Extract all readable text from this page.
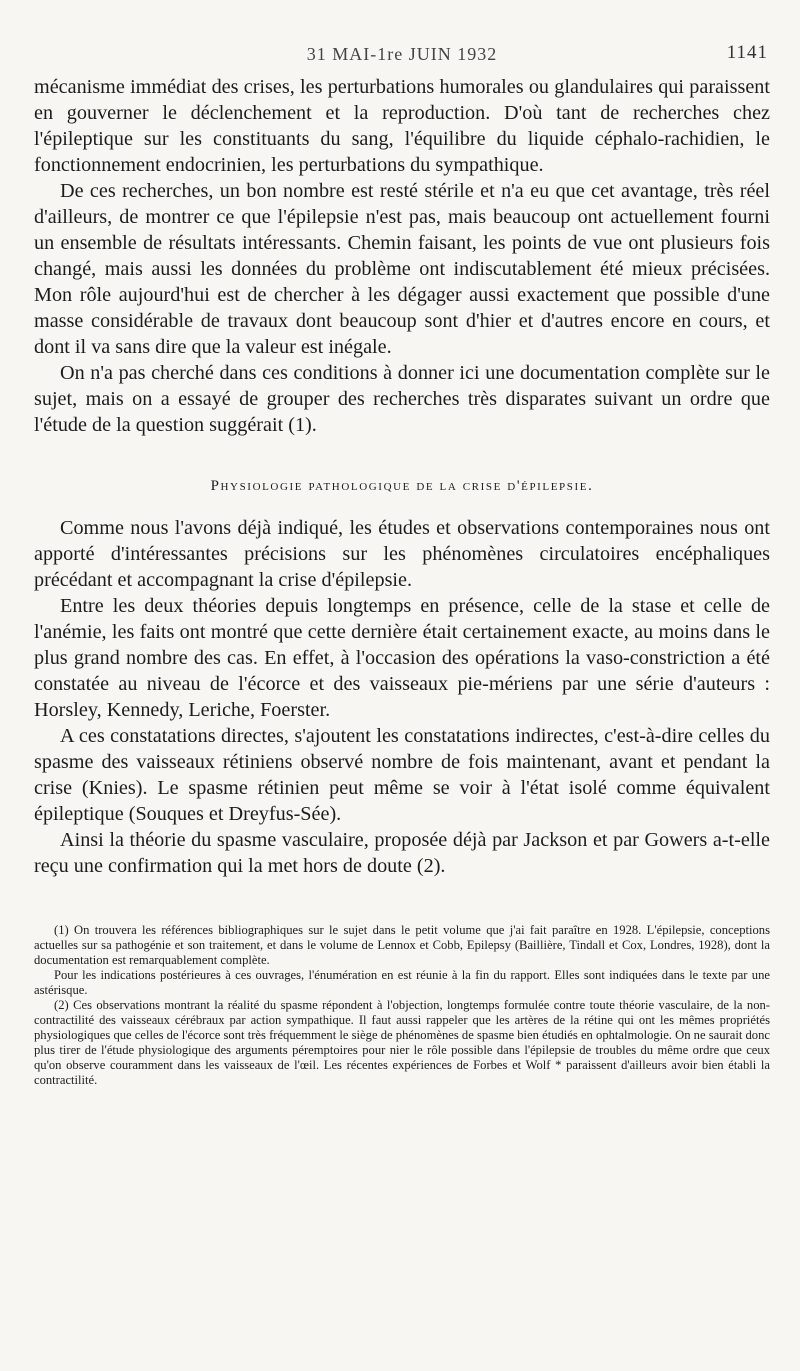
31 MAI-1re JUIN 1932	1141

mécanisme immédiat des crises, les perturbations humorales ou glandulaires qui paraissent en gouverner le déclenchement et la reproduction. D'où tant de recherches chez l'épileptique sur les constituants du sang, l'équilibre du liquide céphalo-rachidien, le fonctionnement endocrinien, les perturbations du sympathique.

De ces recherches, un bon nombre est resté stérile et n'a eu que cet avantage, très réel d'ailleurs, de montrer ce que l'épilepsie n'est pas, mais beaucoup ont actuellement fourni un ensemble de résultats intéressants. Chemin faisant, les points de vue ont plusieurs fois changé, mais aussi les données du problème ont indiscutablement été mieux précisées. Mon rôle aujourd'hui est de chercher à les dégager aussi exactement que possible d'une masse considérable de travaux dont beaucoup sont d'hier et d'autres encore en cours, et dont il va sans dire que la valeur est inégale.

On n'a pas cherché dans ces conditions à donner ici une documentation complète sur le sujet, mais on a essayé de grouper des recherches très disparates suivant un ordre que l'étude de la question suggérait (1).

Physiologie pathologique de la crise d'épilepsie.

Comme nous l'avons déjà indiqué, les études et observations contemporaines nous ont apporté d'intéressantes précisions sur les phénomènes circulatoires encéphaliques précédant et accompagnant la crise d'épilepsie.

Entre les deux théories depuis longtemps en présence, celle de la stase et celle de l'anémie, les faits ont montré que cette dernière était certainement exacte, au moins dans le plus grand nombre des cas. En effet, à l'occasion des opérations la vaso-constriction a été constatée au niveau de l'écorce et des vaisseaux pie-mériens par une série d'auteurs : Horsley, Kennedy, Leriche, Foerster.

A ces constatations directes, s'ajoutent les constatations indirectes, c'est-à-dire celles du spasme des vaisseaux rétiniens observé nombre de fois maintenant, avant et pendant la crise (Knies). Le spasme rétinien peut même se voir à l'état isolé comme équivalent épileptique (Souques et Dreyfus-Sée).

Ainsi la théorie du spasme vasculaire, proposée déjà par Jackson et par Gowers a-t-elle reçu une confirmation qui la met hors de doute (2).

(1) On trouvera les références bibliographiques sur le sujet dans le petit volume que j'ai fait paraître en 1928. L'épilepsie, conceptions actuelles sur sa pathogénie et son traitement, et dans le volume de Lennox et Cobb, Epilepsy (Baillière, Tindall et Cox, Londres, 1928), dont la documentation est remarquablement complète.

Pour les indications postérieures à ces ouvrages, l'énumération en est réunie à la fin du rapport. Elles sont indiquées dans le texte par une astérisque.

(2) Ces observations montrant la réalité du spasme répondent à l'objection, longtemps formulée contre toute théorie vasculaire, de la non-contractilité des vaisseaux cérébraux par action sympathique. Il faut aussi rappeler que les artères de la rétine qui ont les mêmes propriétés physiologiques que celles de l'écorce sont très fréquemment le siège de phénomènes de spasme bien étudiés en ophtalmologie. On ne saurait donc plus tirer de l'étude physiologique des arguments péremptoires pour nier le rôle possible dans l'épilepsie de troubles du même ordre que ceux qu'on observe couramment dans les vaisseaux de l'œil. Les récentes expériences de Forbes et Wolf * paraissent d'ailleurs avoir bien établi la contractilité.
